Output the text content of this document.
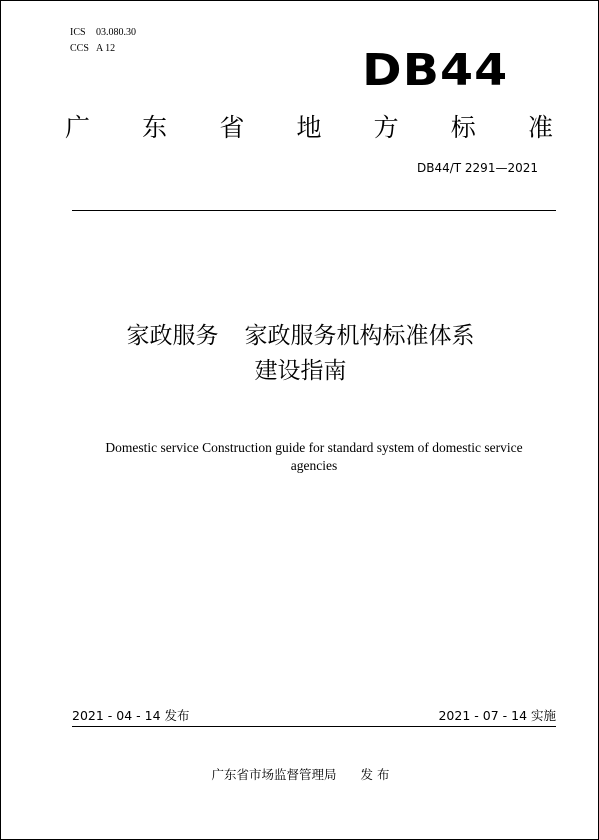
ICS 03.080.30
CCS A 12	DB44
广 东 省 地 方 标 准
DB44/T 2291—2021
家政服务 家政服务机构标准体系
建设指南
Domestic service Construction guide for standard system of domestic service agencies
2021 - 04 - 14 发布	2021 - 07 - 14 实施
广东省市场监督管理局 发 布
